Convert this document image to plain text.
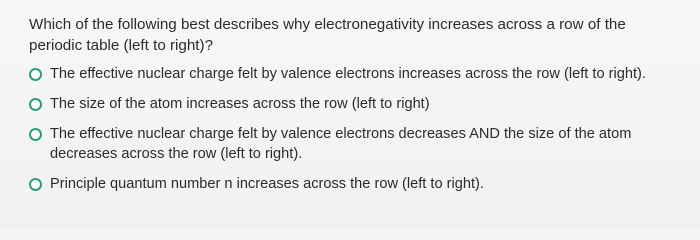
Which of the following best describes why electronegativity increases across a row of the periodic table (left to right)?
The effective nuclear charge felt by valence electrons increases across the row (left to right).
The size of the atom increases across the row (left to right)
The effective nuclear charge felt by valence electrons decreases AND the size of the atom decreases across the row (left to right).
Principle quantum number n increases across the row (left to right).
